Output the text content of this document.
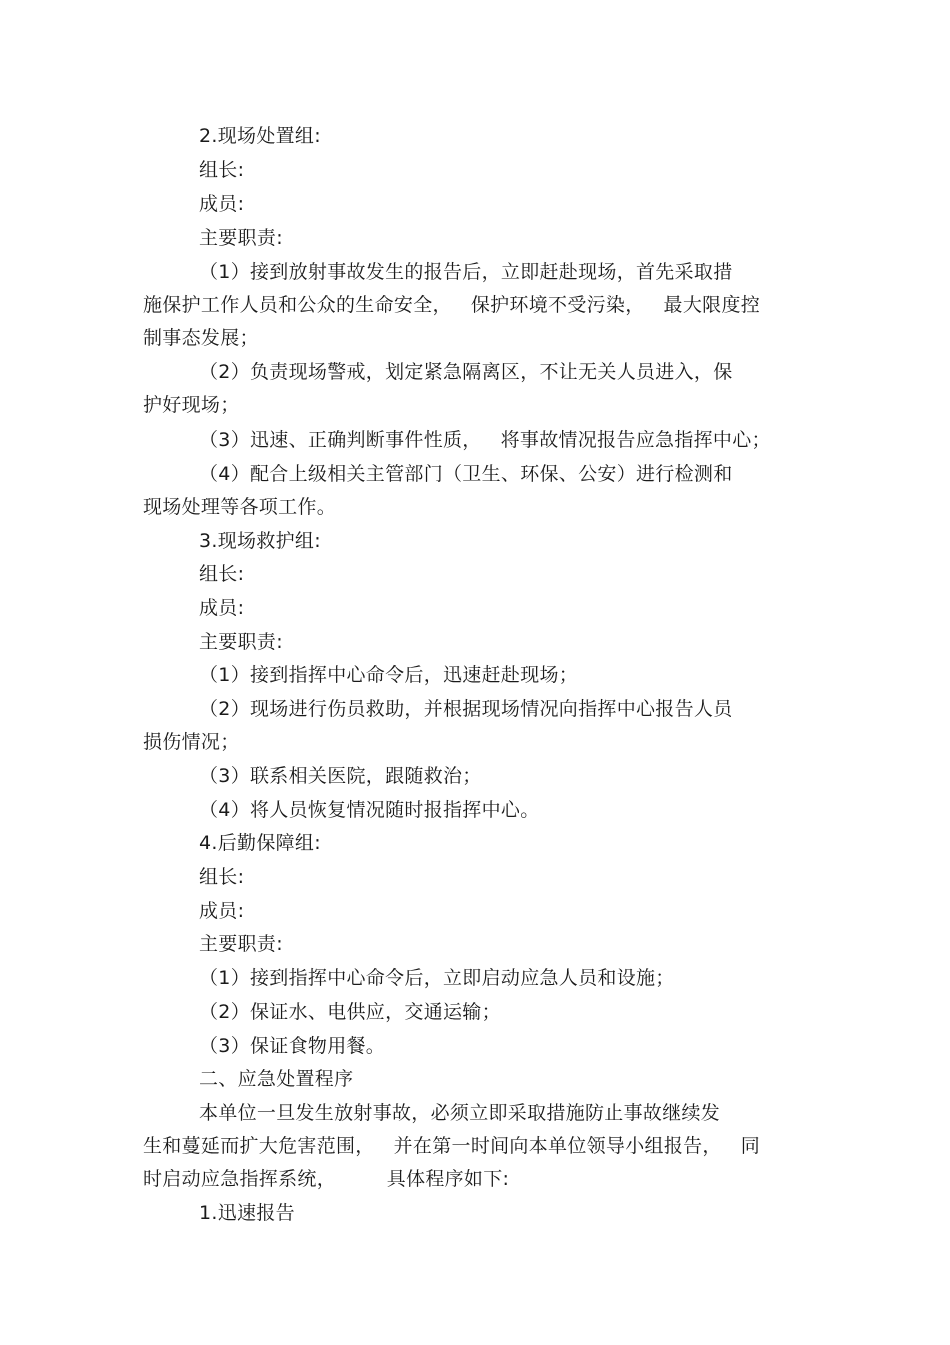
2.现场处置组:
组长:
成员:
主要职责:
（1）接到放射事故发生的报告后，立即赶赴现场，首先采取措
施保护工作人员和公众的生命安全，   保护环境不受污染，   最大限度控
制事态发展；
（2）负责现场警戒，划定紧急隔离区，不让无关人员进入，保
护好现场；
（3）迅速、正确判断事件性质，   将事故情况报告应急指挥中心；
（4）配合上级相关主管部门（卫生、环保、公安）进行检测和
现场处理等各项工作。
3.现场救护组:
组长:
成员:
主要职责:
（1）接到指挥中心命令后，迅速赶赴现场；
（2）现场进行伤员救助，并根据现场情况向指挥中心报告人员
损伤情况；
（3）联系相关医院，跟随救治；
（4）将人员恢复情况随时报指挥中心。
4.后勤保障组:
组长:
成员:
主要职责:
（1）接到指挥中心命令后，立即启动应急人员和设施；
（2）保证水、电供应，交通运输；
（3）保证食物用餐。
二、应急处置程序
本单位一旦发生放射事故，必须立即采取措施防止事故继续发
生和蔓延而扩大危害范围，   并在第一时间向本单位领导小组报告，   同
时启动应急指挥系统，        具体程序如下:
1.迅速报告
